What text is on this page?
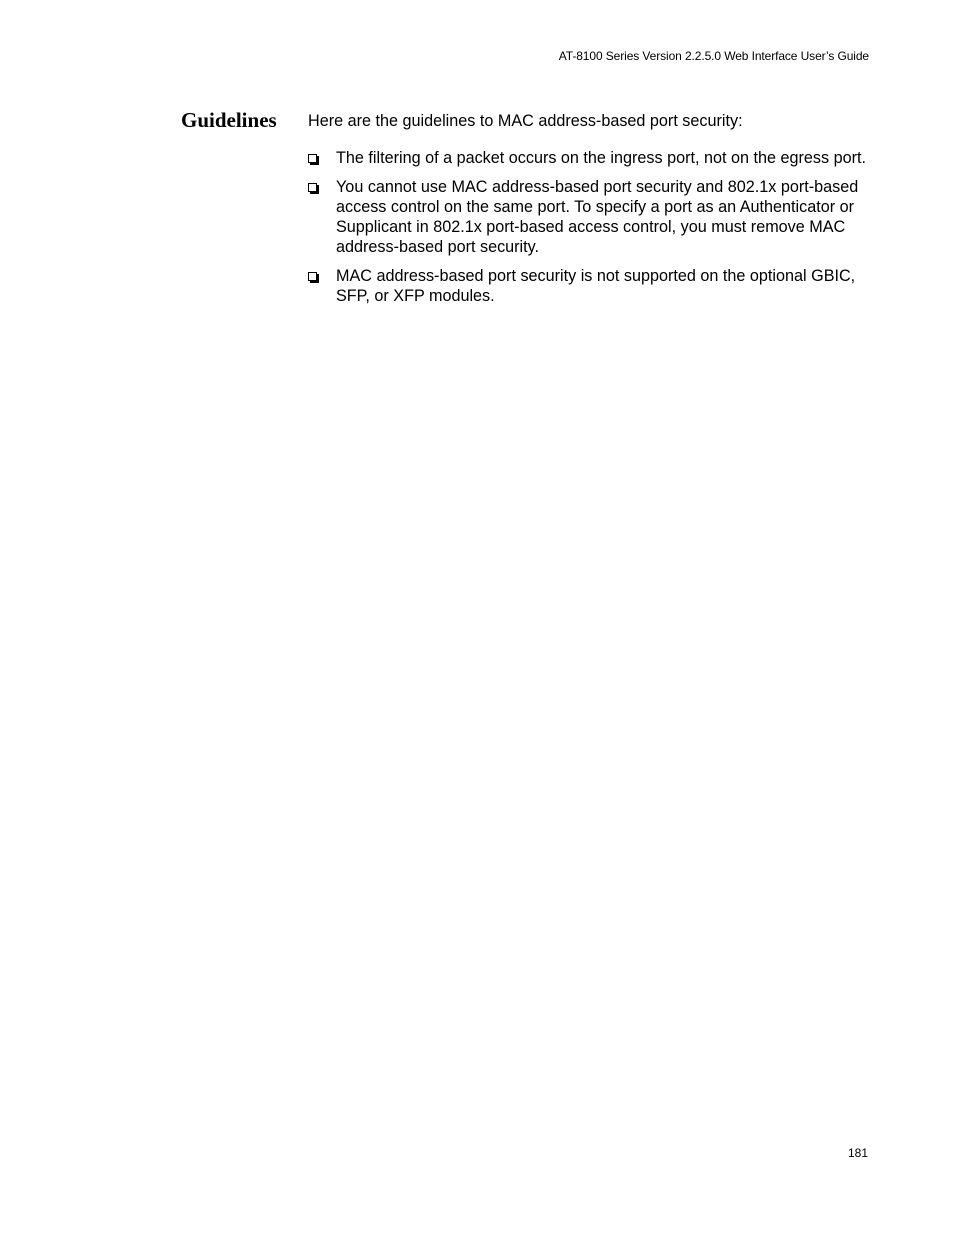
AT-8100 Series Version 2.2.5.0 Web Interface User’s Guide
Guidelines Here are the guidelines to MAC address-based port security:

The filtering of a packet occurs on the ingress port, not on the egress port.
You cannot use MAC address-based port security and 802.1x port-based access control on the same port. To specify a port as an Authenticator or Supplicant in 802.1x port-based access control, you must remove MAC address-based port security.
MAC address-based port security is not supported on the optional GBIC, SFP, or XFP modules.
181
